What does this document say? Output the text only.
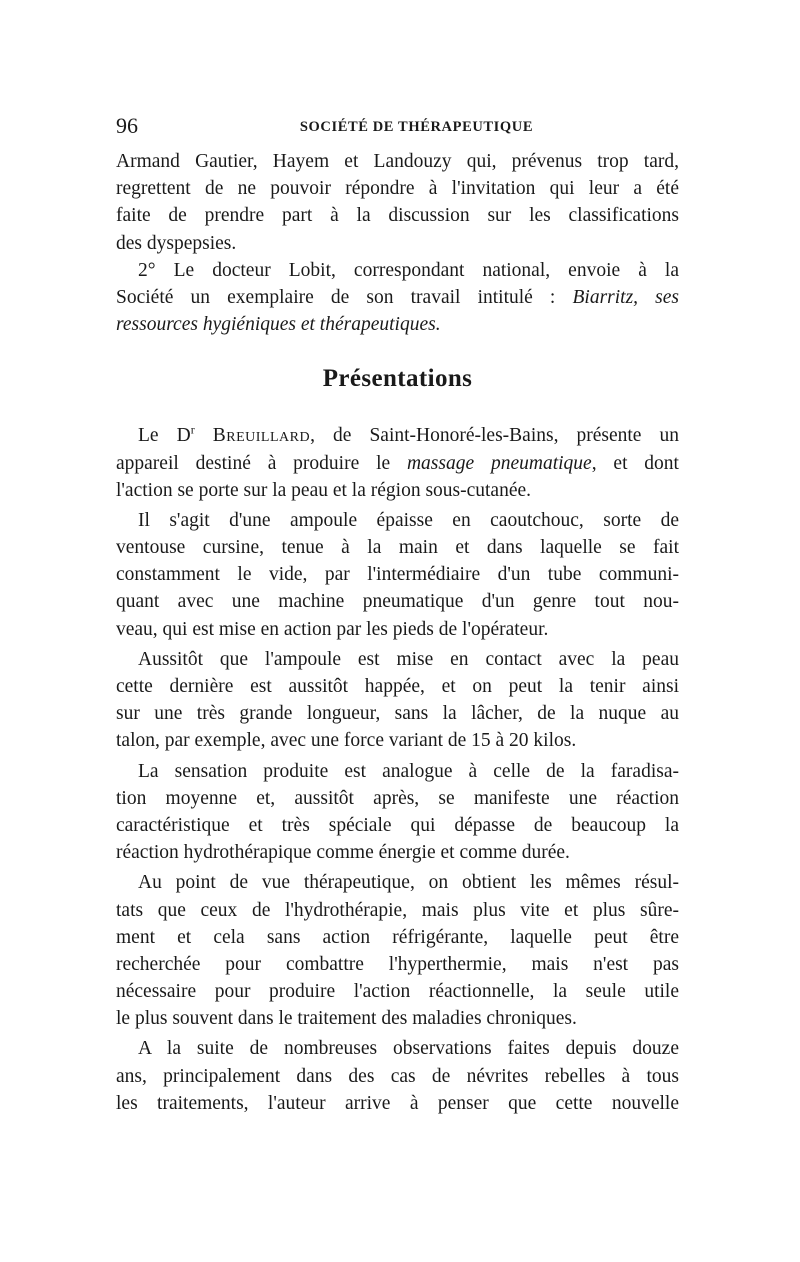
96	SOCIÉTÉ DE THÉRAPEUTIQUE
Armand Gautier, Hayem et Landouzy qui, prévenus trop tard,
regrettent de ne pouvoir répondre à l'invitation qui leur a été
faite de prendre part à la discussion sur les classifications
des dyspepsies.
2° Le docteur Lobit, correspondant national, envoie à la
Société un exemplaire de son travail intitulé : Biarritz, ses
ressources hygiéniques et thérapeutiques.
Présentations
Le $D^r$ Breuillard, de Saint-Honoré-les-Bains, présente un
appareil destiné à produire le massage pneumatique, et dont
l'action se porte sur la peau et la région sous-cutanée.
Il s'agit d'une ampoule épaisse en caoutchouc, sorte de
ventouse cursine, tenue à la main et dans laquelle se fait
constamment le vide, par l'intermédiaire d'un tube communi-
quant avec une machine pneumatique d'un genre tout nou-
veau, qui est mise en action par les pieds de l'opérateur.
Aussitôt que l'ampoule est mise en contact avec la peau
cette dernière est aussitôt happée, et on peut la tenir ainsi
sur une très grande longueur, sans la lâcher, de la nuque au
talon, par exemple, avec une force variant de 15 à 20 kilos.
La sensation produite est analogue à celle de la faradisa-
tion moyenne et, aussitôt après, se manifeste une réaction
caractéristique et très spéciale qui dépasse de beaucoup la
réaction hydrothérapique comme énergie et comme durée.
Au point de vue thérapeutique, on obtient les mêmes résul-
tats que ceux de l'hydrothérapie, mais plus vite et plus sûre-
ment et cela sans action réfrigérante, laquelle peut être
recherchée pour combattre l'hyperthermie, mais n'est pas
nécessaire pour produire l'action réactionnelle, la seule utile
le plus souvent dans le traitement des maladies chroniques.
A la suite de nombreuses observations faites depuis douze
ans, principalement dans des cas de névrites rebelles à tous
les traitements, l'auteur arrive à penser que cette nouvelle
